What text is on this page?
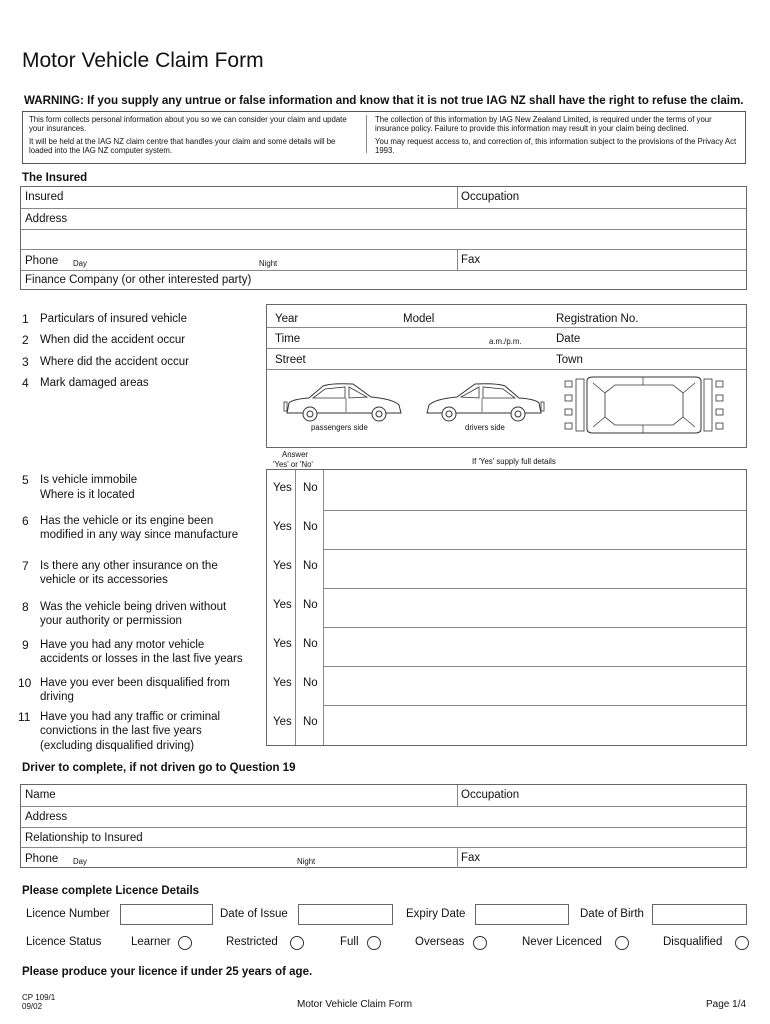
Motor Vehicle Claim Form
WARNING: If you supply any untrue or false information and know that it is not true IAG NZ shall have the right to refuse the claim.

This form collects personal information about you so we can consider your claim and update your insurances.

It will be held at the IAG NZ claim centre that handles your claim and some details will be loaded into the IAG NZ computer system.

The collection of this information by IAG New Zealand Limited, is required under the terms of your insurance policy. Failure to provide this information may result in your claim being declined.

You may request access to, and correction of, this information subject to the provisions of the Privacy Act 1993.

The Insured
Insured	Occupation
Address
Phone Day	Night	Fax
Finance Company (or other interested party)
1 Particulars of insured vehicle
2 When did the accident occur
3 Where did the accident occur
4 Mark damaged areas
Year	Model	Registration No.
Time	a.m./p.m.	Date
Street	Town
passengers side	drivers side
Answer
'Yes' or 'No'	If 'Yes' supply full details
5 Is vehicle immobile
Where is it located
Yes No
6 Has the vehicle or its engine been
modified in any way since manufacture
Yes No
7 Is there any other insurance on the
vehicle or its accessories
Yes No
8 Was the vehicle being driven without
your authority or permission
Yes No
9 Have you had any motor vehicle
accidents or losses in the last five years
Yes No
10 Have you ever been disqualified from
driving
Yes No
11 Have you had any traffic or criminal
convictions in the last five years
(excluding disqualified driving)
Yes No
Driver to complete, if not driven go to Question 19
Name	Occupation
Address
Relationship to Insured
Phone Day	Night	Fax
Please complete Licence Details
Licence Number	Date of Issue	Expiry Date	Date of Birth
Licence Status	Learner	Restricted	Full	Overseas	Never Licenced	Disqualified
Please produce your licence if under 25 years of age.
CP 109/1
09/02	Motor Vehicle Claim Form	Page 1/4
